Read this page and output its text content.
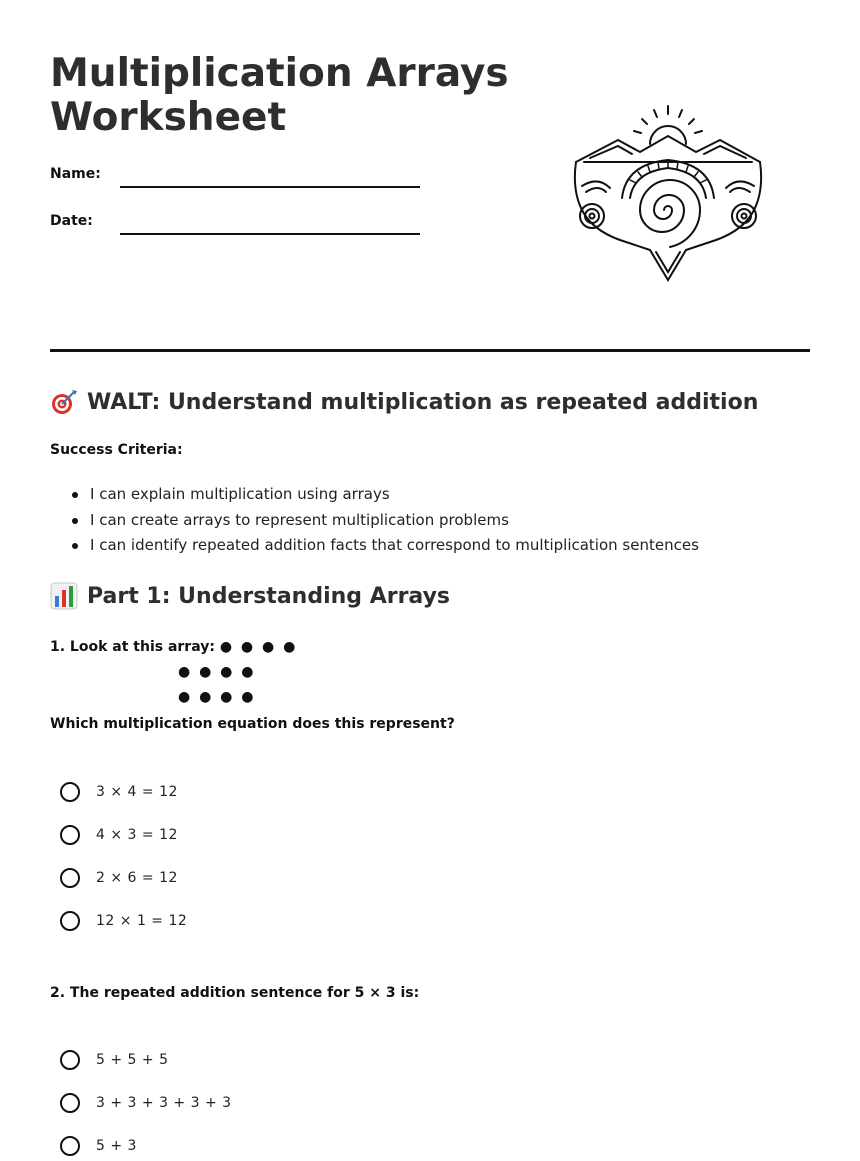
Multiplication Arrays Worksheet
Name:
Date:
WALT: Understand multiplication as repeated addition
Success Criteria:
I can explain multiplication using arrays
I can create arrays to represent multiplication problems
I can identify repeated addition facts that correspond to multiplication sentences
Part 1: Understanding Arrays
1. Look at this array: ● ● ● ●
● ● ● ●
● ● ● ●
Which multiplication equation does this represent?
3 × 4 = 12
4 × 3 = 12
2 × 6 = 12
12 × 1 = 12
2. The repeated addition sentence for 5 × 3 is:
5 + 5 + 5
3 + 3 + 3 + 3 + 3
5 + 3
